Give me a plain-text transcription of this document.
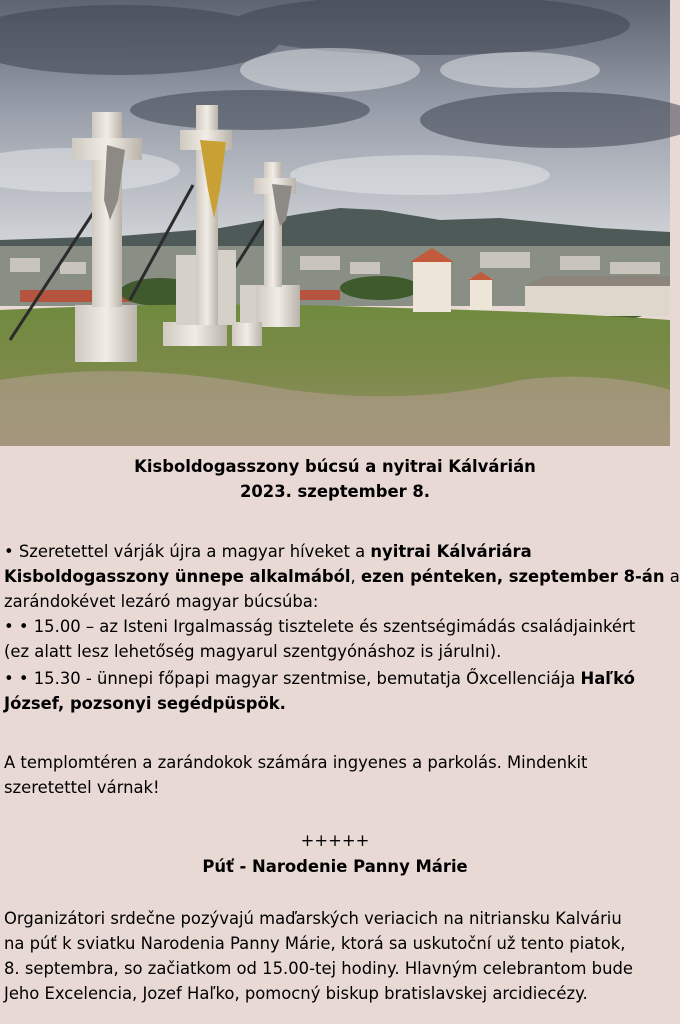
Kisboldogasszony búcsú a nyitrai Kálvárián
2023. szeptember 8.
• Szeretettel várják újra a magyar híveket a nyitrai Kálváriára
Kisboldogasszony ünnepe alkalmából, ezen pénteken, szeptember 8-án a
zarándokévet lezáró magyar búcsúba:
• • 15.00 – az Isteni Irgalmasság tisztelete és szentségimádás családjainkért
(ez alatt lesz lehetőség magyarul szentgyónáshoz is járulni).
• • 15.30 - ünnepi főpapi magyar szentmise, bemutatja Őxcellenciája Haľkó
József, pozsonyi segédpüspök.
A templomtéren a zarándokok számára ingyenes a parkolás. Mindenkit
szeretettel várnak!
+++++
Púť - Narodenie Panny Márie
Organizátori srdečne pozývajú maďarských veriacich na nitriansku Kalváriu
na púť k sviatku Narodenia Panny Márie, ktorá sa uskutoční už tento piatok,
8. septembra, so začiatkom od 15.00-tej hodiny. Hlavným celebrantom bude
Jeho Excelencia, Jozef Haľko, pomocný biskup bratislavskej arcidiecézy.
